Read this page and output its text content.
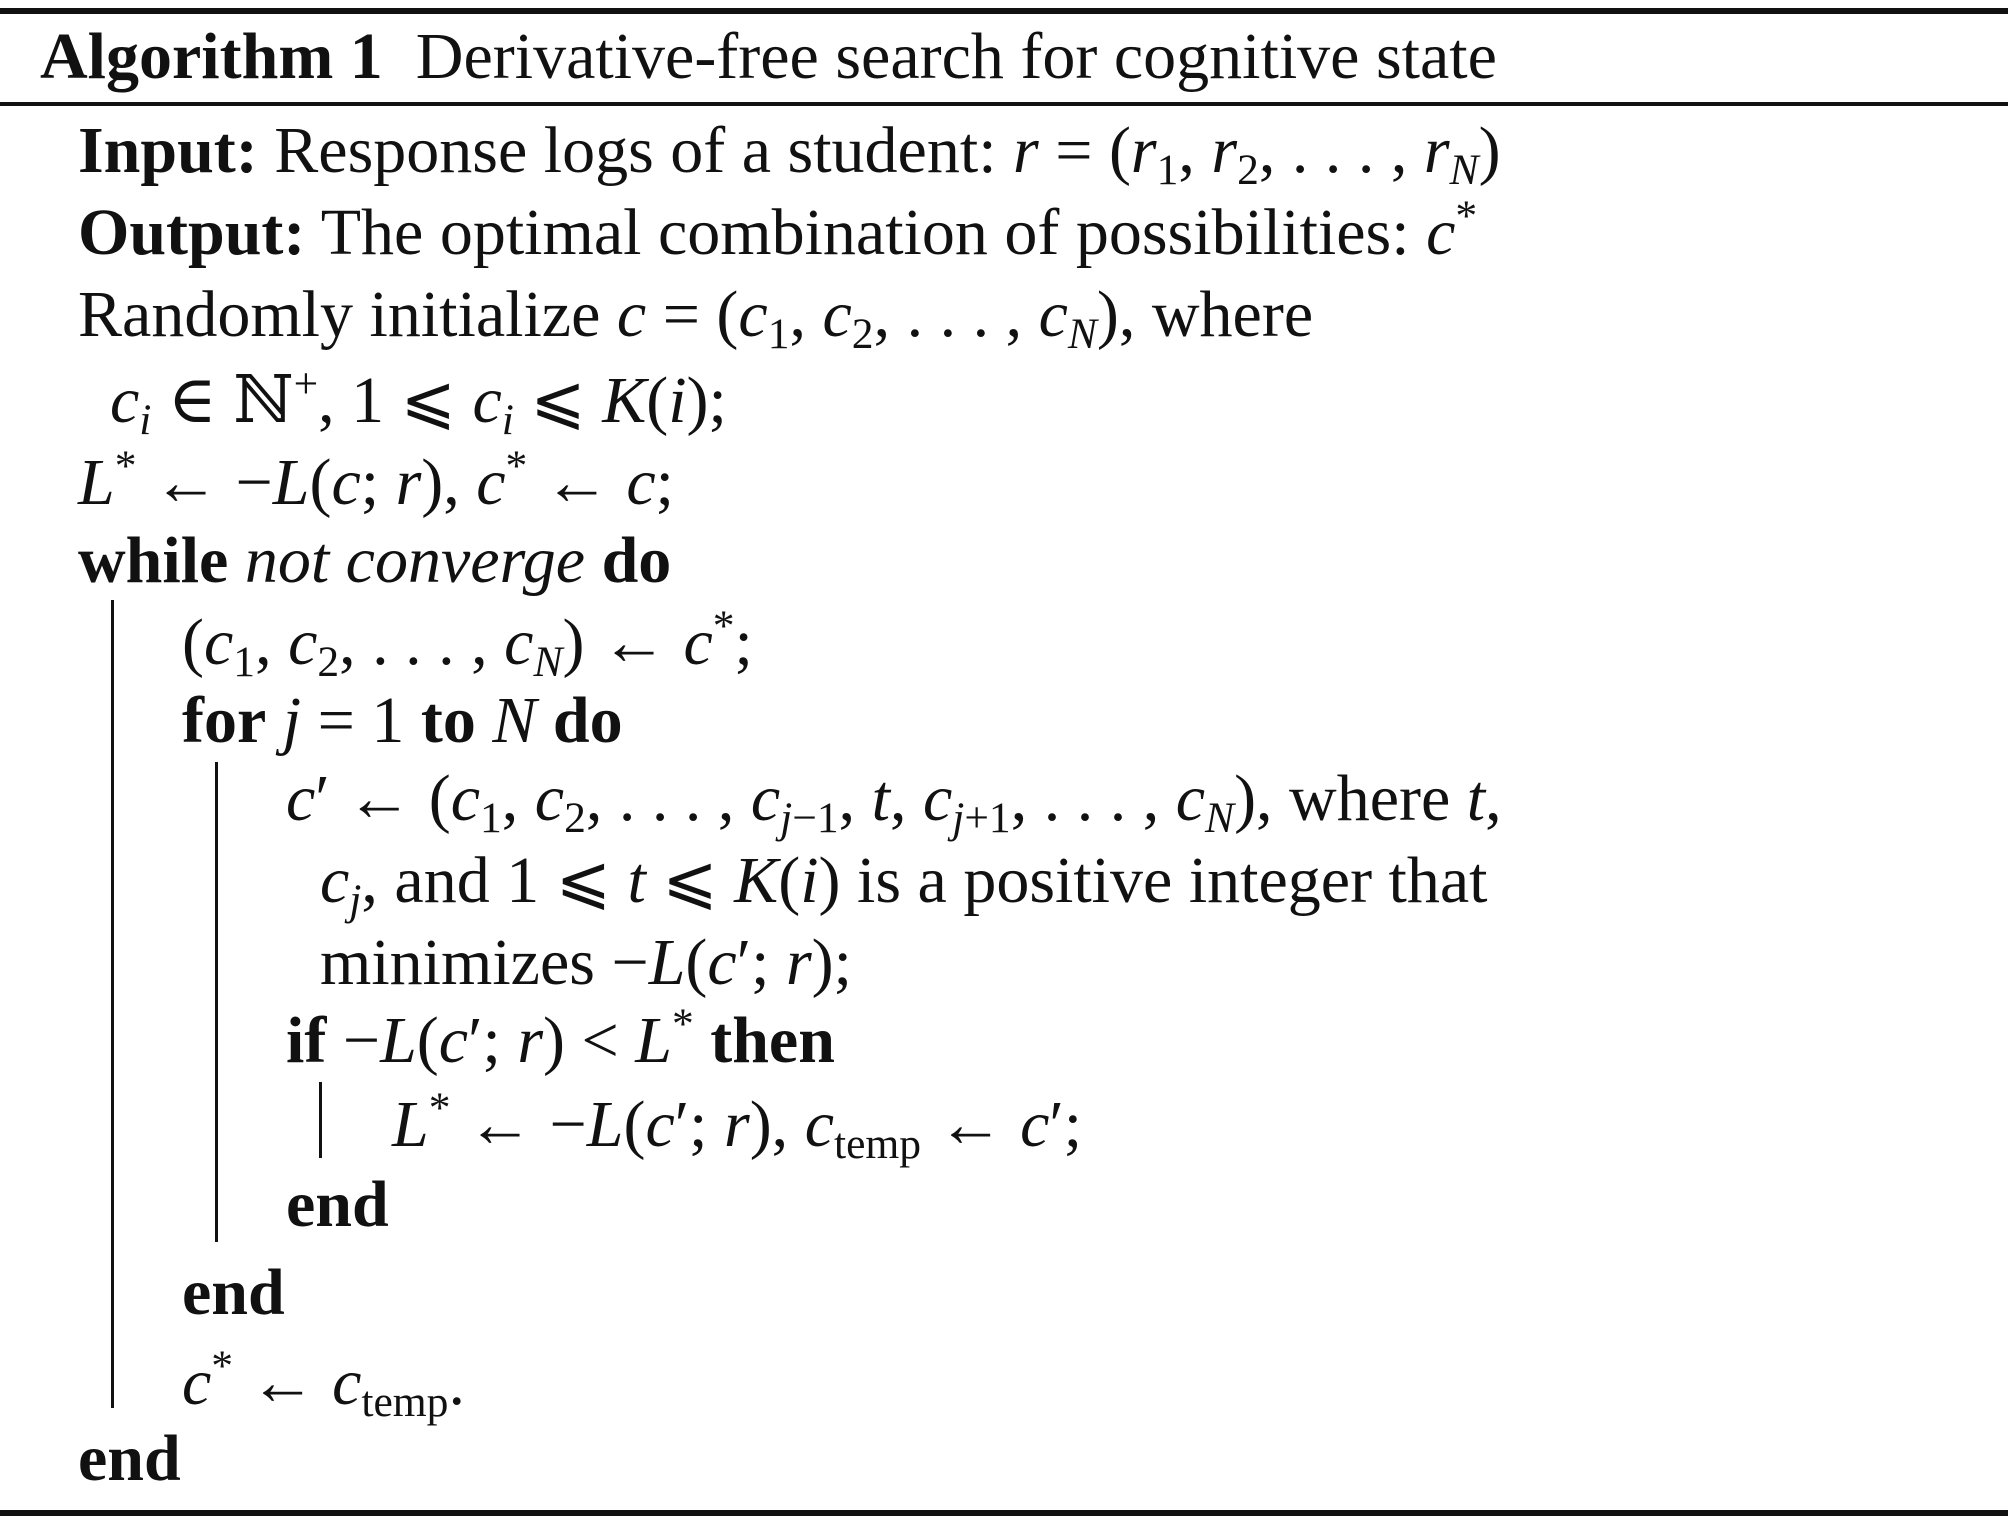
Algorithm 1 Derivative-free search for cognitive state
Input: Response logs of a student: $r = (r_1$, $r_2$, . . . , $r_N$)
Output: The optimal combination of possibilities: c*
Randomly initialize $c = (c_1$, $c_2$, . . . , $c_N$), where
$c_i$ ∈ ℕ+, 1 ⩽ $c_i$ ⩽ K(i);
L* ← −L(c; r), c* ← c;
while not converge do
($c_1$, $c_2$, . . . , $c_N$) ← c*;
for j = 1 to N do
c′ ← ($c_1$, $c_2$, . . . , $c_{j-1}$, t, $c_{j+1}$, . . . , $c_N$), where t,
$c_j$, and 1 ⩽ t ⩽ K(i) is a positive integer that
minimizes −L(c′; r);
if −L(c′; r) < L* then
L* ← −L(c′; r), $c_{temp}$ ← c′;
end
end
c* ← $c_{temp}$.
end
